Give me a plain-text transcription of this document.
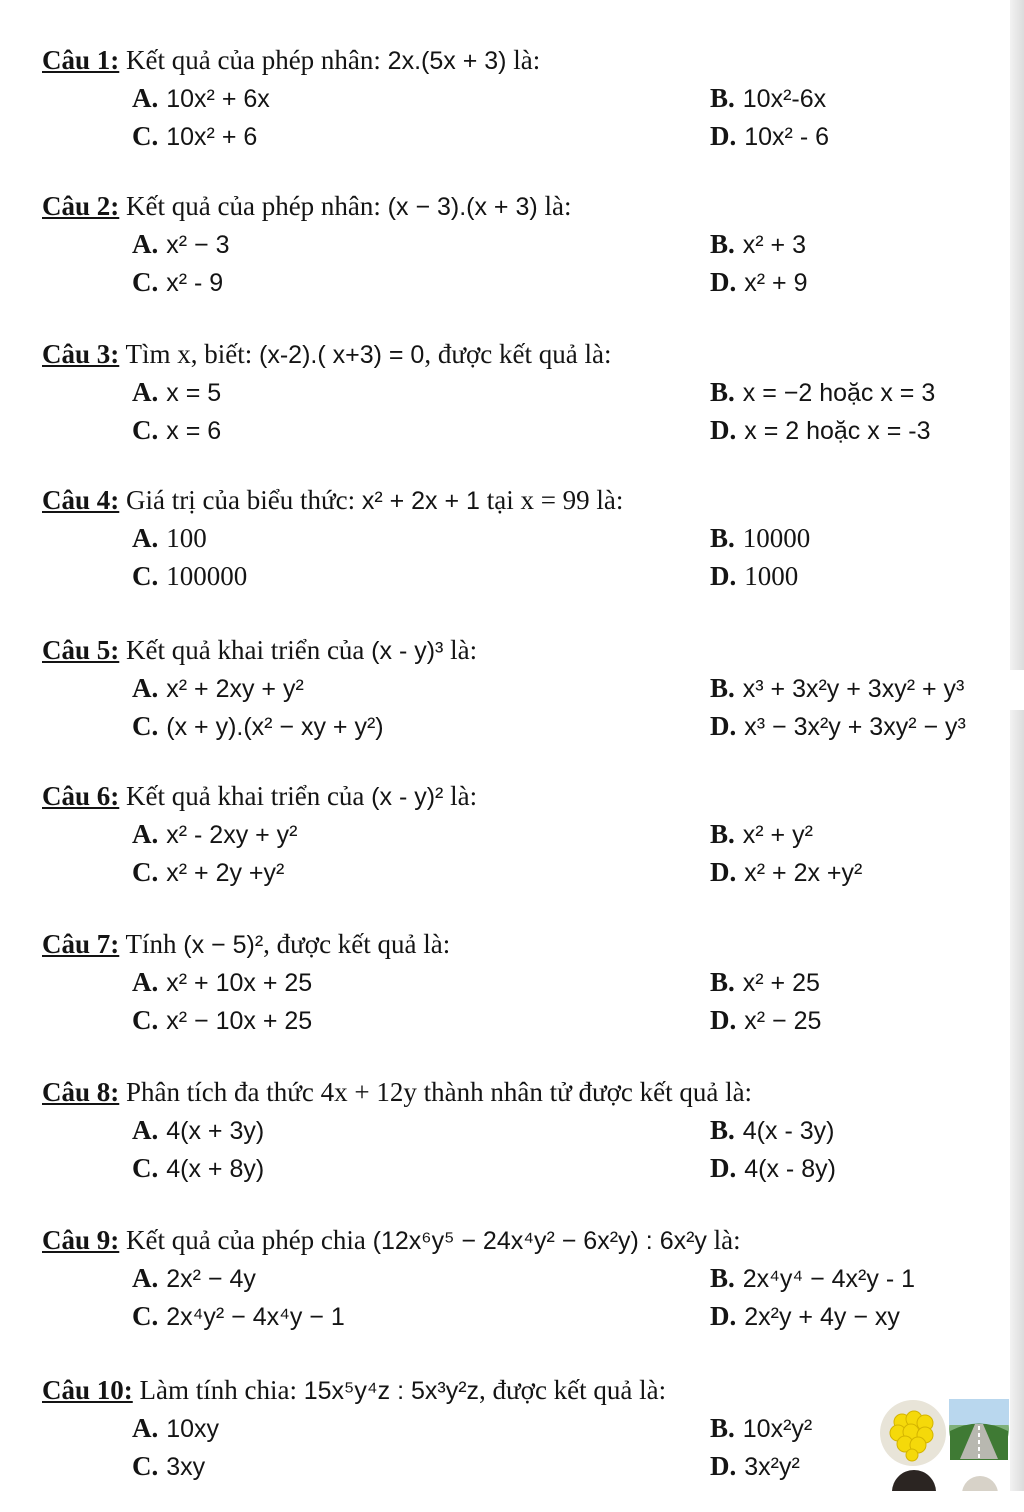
Câu 1: Kết quả của phép nhân: 2x.(5x + 3) là:
A. 10x² + 6x	B. 10x²-6x
C. 10x² + 6	D. 10x² - 6
Câu 2: Kết quả của phép nhân: (x − 3).(x + 3) là:
A. x² − 3	B. x² + 3
C. x² - 9	D. x² + 9
Câu 3: Tìm x, biết: (x-2).( x+3) = 0, được kết quả là:
A. x = 5	B. x = −2 hoặc x = 3
C. x = 6	D. x = 2 hoặc x = -3
Câu 4: Giá trị của biểu thức: x² + 2x + 1 tại x = 99 là:
A. 100	B. 10000
C. 100000	D. 1000
Câu 5: Kết quả khai triển của (x - y)³ là:
A. x² + 2xy + y²	B. x³ + 3x²y + 3xy² + y³
C. (x + y).(x² − xy + y²)	D. x³ − 3x²y + 3xy² − y³
Câu 6: Kết quả khai triển của (x - y)² là:
A. x² - 2xy + y²	B. x² + y²
C. x² + 2y +y²	D. x² + 2x +y²
Câu 7: Tính (x − 5)², được kết quả là:
A. x² + 10x + 25	B. x² + 25
C. x² − 10x + 25	D. x² − 25
Câu 8: Phân tích đa thức 4x + 12y thành nhân tử được kết quả là:
A. 4(x + 3y)	B. 4(x - 3y)
C. 4(x + 8y)	D. 4(x - 8y)
Câu 9: Kết quả của phép chia (12x⁶y⁵ − 24x⁴y² − 6x²y) : 6x²y là:
A. 2x² − 4y	B. 2x⁴y⁴ − 4x²y - 1
C. 2x⁴y² − 4x⁴y − 1	D. 2x²y + 4y − xy
Câu 10: Làm tính chia: 15x⁵y⁴z : 5x³y²z, được kết quả là:
A. 10xy	B. 10x²y²
C. 3xy	D. 3x²y²
